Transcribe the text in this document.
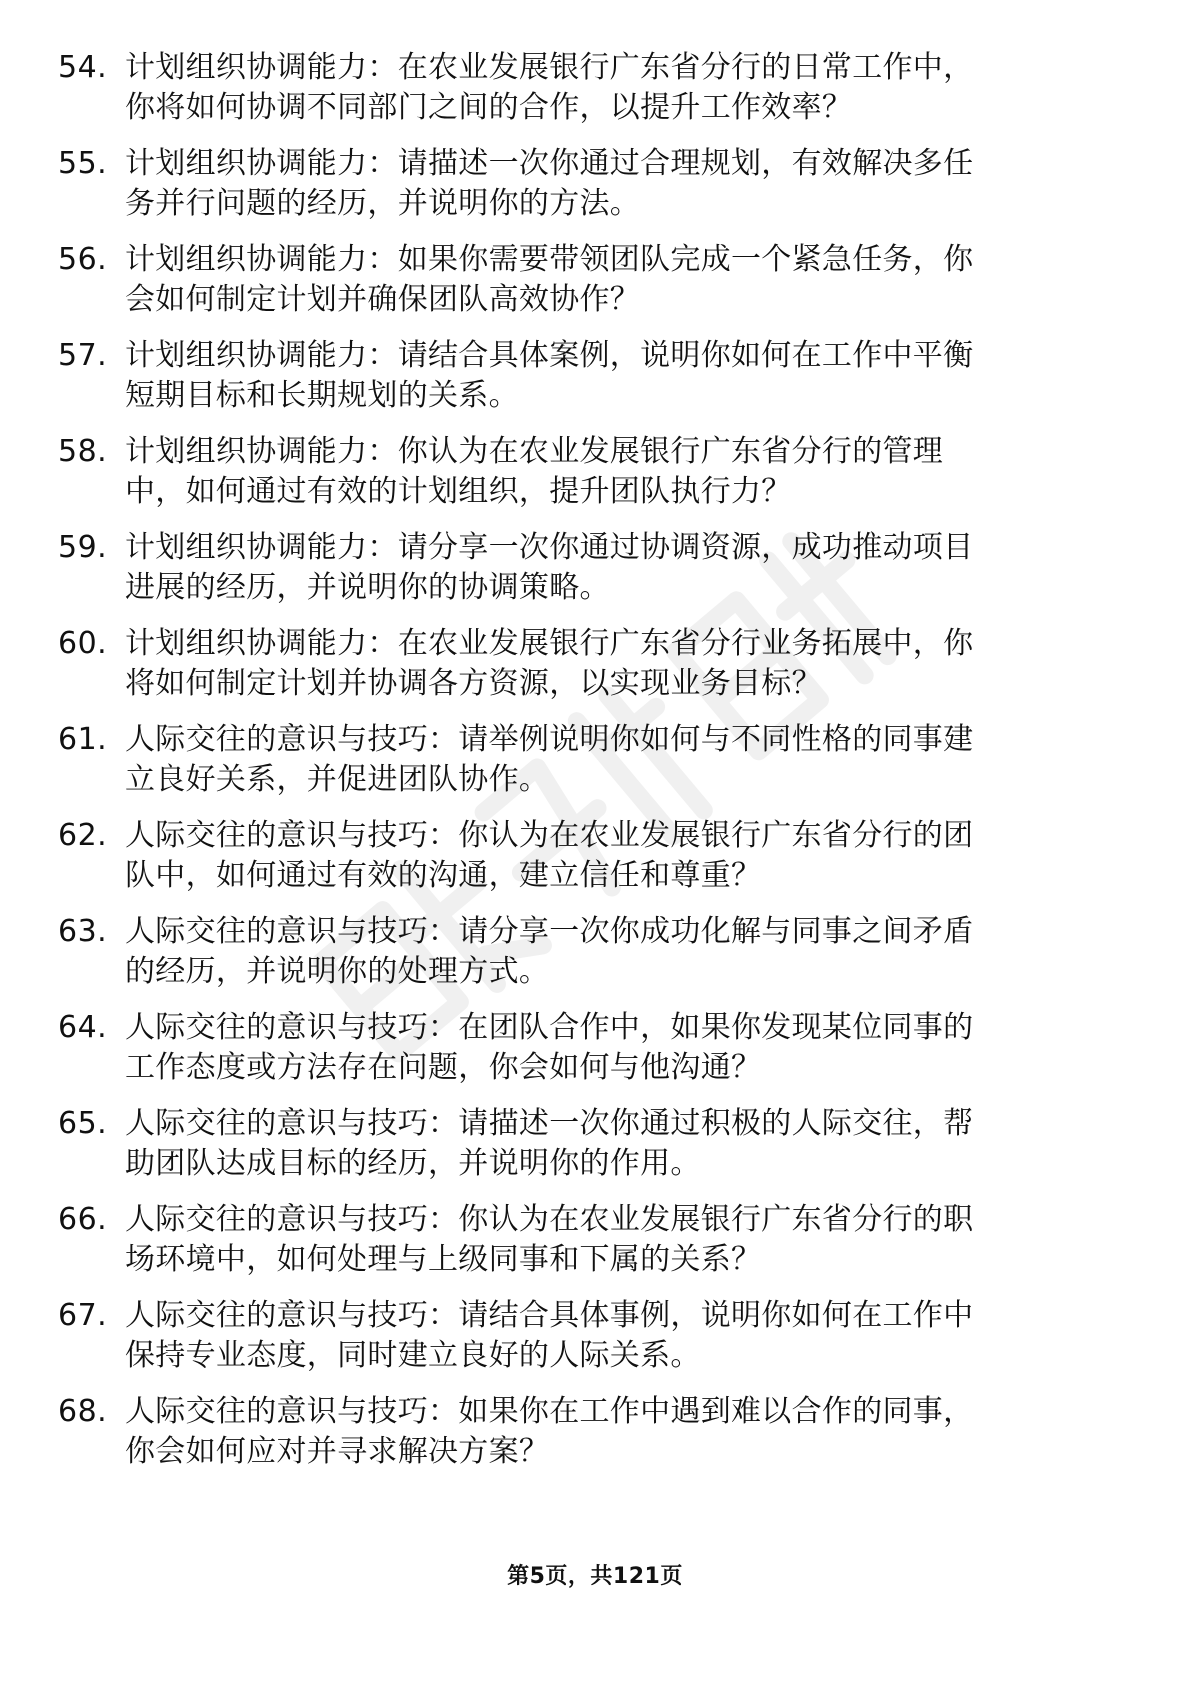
54. 计划组织协调能力：在农业发展银行广东省分行的日常工作中，
你将如何协调不同部门之间的合作，以提升工作效率？
55. 计划组织协调能力：请描述一次你通过合理规划，有效解决多任
务并行问题的经历，并说明你的方法。
56. 计划组织协调能力：如果你需要带领团队完成一个紧急任务，你
会如何制定计划并确保团队高效协作？
57. 计划组织协调能力：请结合具体案例，说明你如何在工作中平衡
短期目标和长期规划的关系。
58. 计划组织协调能力：你认为在农业发展银行广东省分行的管理
中，如何通过有效的计划组织，提升团队执行力？
59. 计划组织协调能力：请分享一次你通过协调资源，成功推动项目
进展的经历，并说明你的协调策略。
60. 计划组织协调能力：在农业发展银行广东省分行业务拓展中，你
将如何制定计划并协调各方资源，以实现业务目标？
61. 人际交往的意识与技巧：请举例说明你如何与不同性格的同事建
立良好关系，并促进团队协作。
62. 人际交往的意识与技巧：你认为在农业发展银行广东省分行的团
队中，如何通过有效的沟通，建立信任和尊重？
63. 人际交往的意识与技巧：请分享一次你成功化解与同事之间矛盾
的经历，并说明你的处理方式。
64. 人际交往的意识与技巧：在团队合作中，如果你发现某位同事的
工作态度或方法存在问题，你会如何与他沟通？
65. 人际交往的意识与技巧：请描述一次你通过积极的人际交往，帮
助团队达成目标的经历，并说明你的作用。
66. 人际交往的意识与技巧：你认为在农业发展银行广东省分行的职
场环境中，如何处理与上级同事和下属的关系？
67. 人际交往的意识与技巧：请结合具体事例，说明你如何在工作中
保持专业态度，同时建立良好的人际关系。
68. 人际交往的意识与技巧：如果你在工作中遇到难以合作的同事，
你会如何应对并寻求解决方案？
第5页，共121页
